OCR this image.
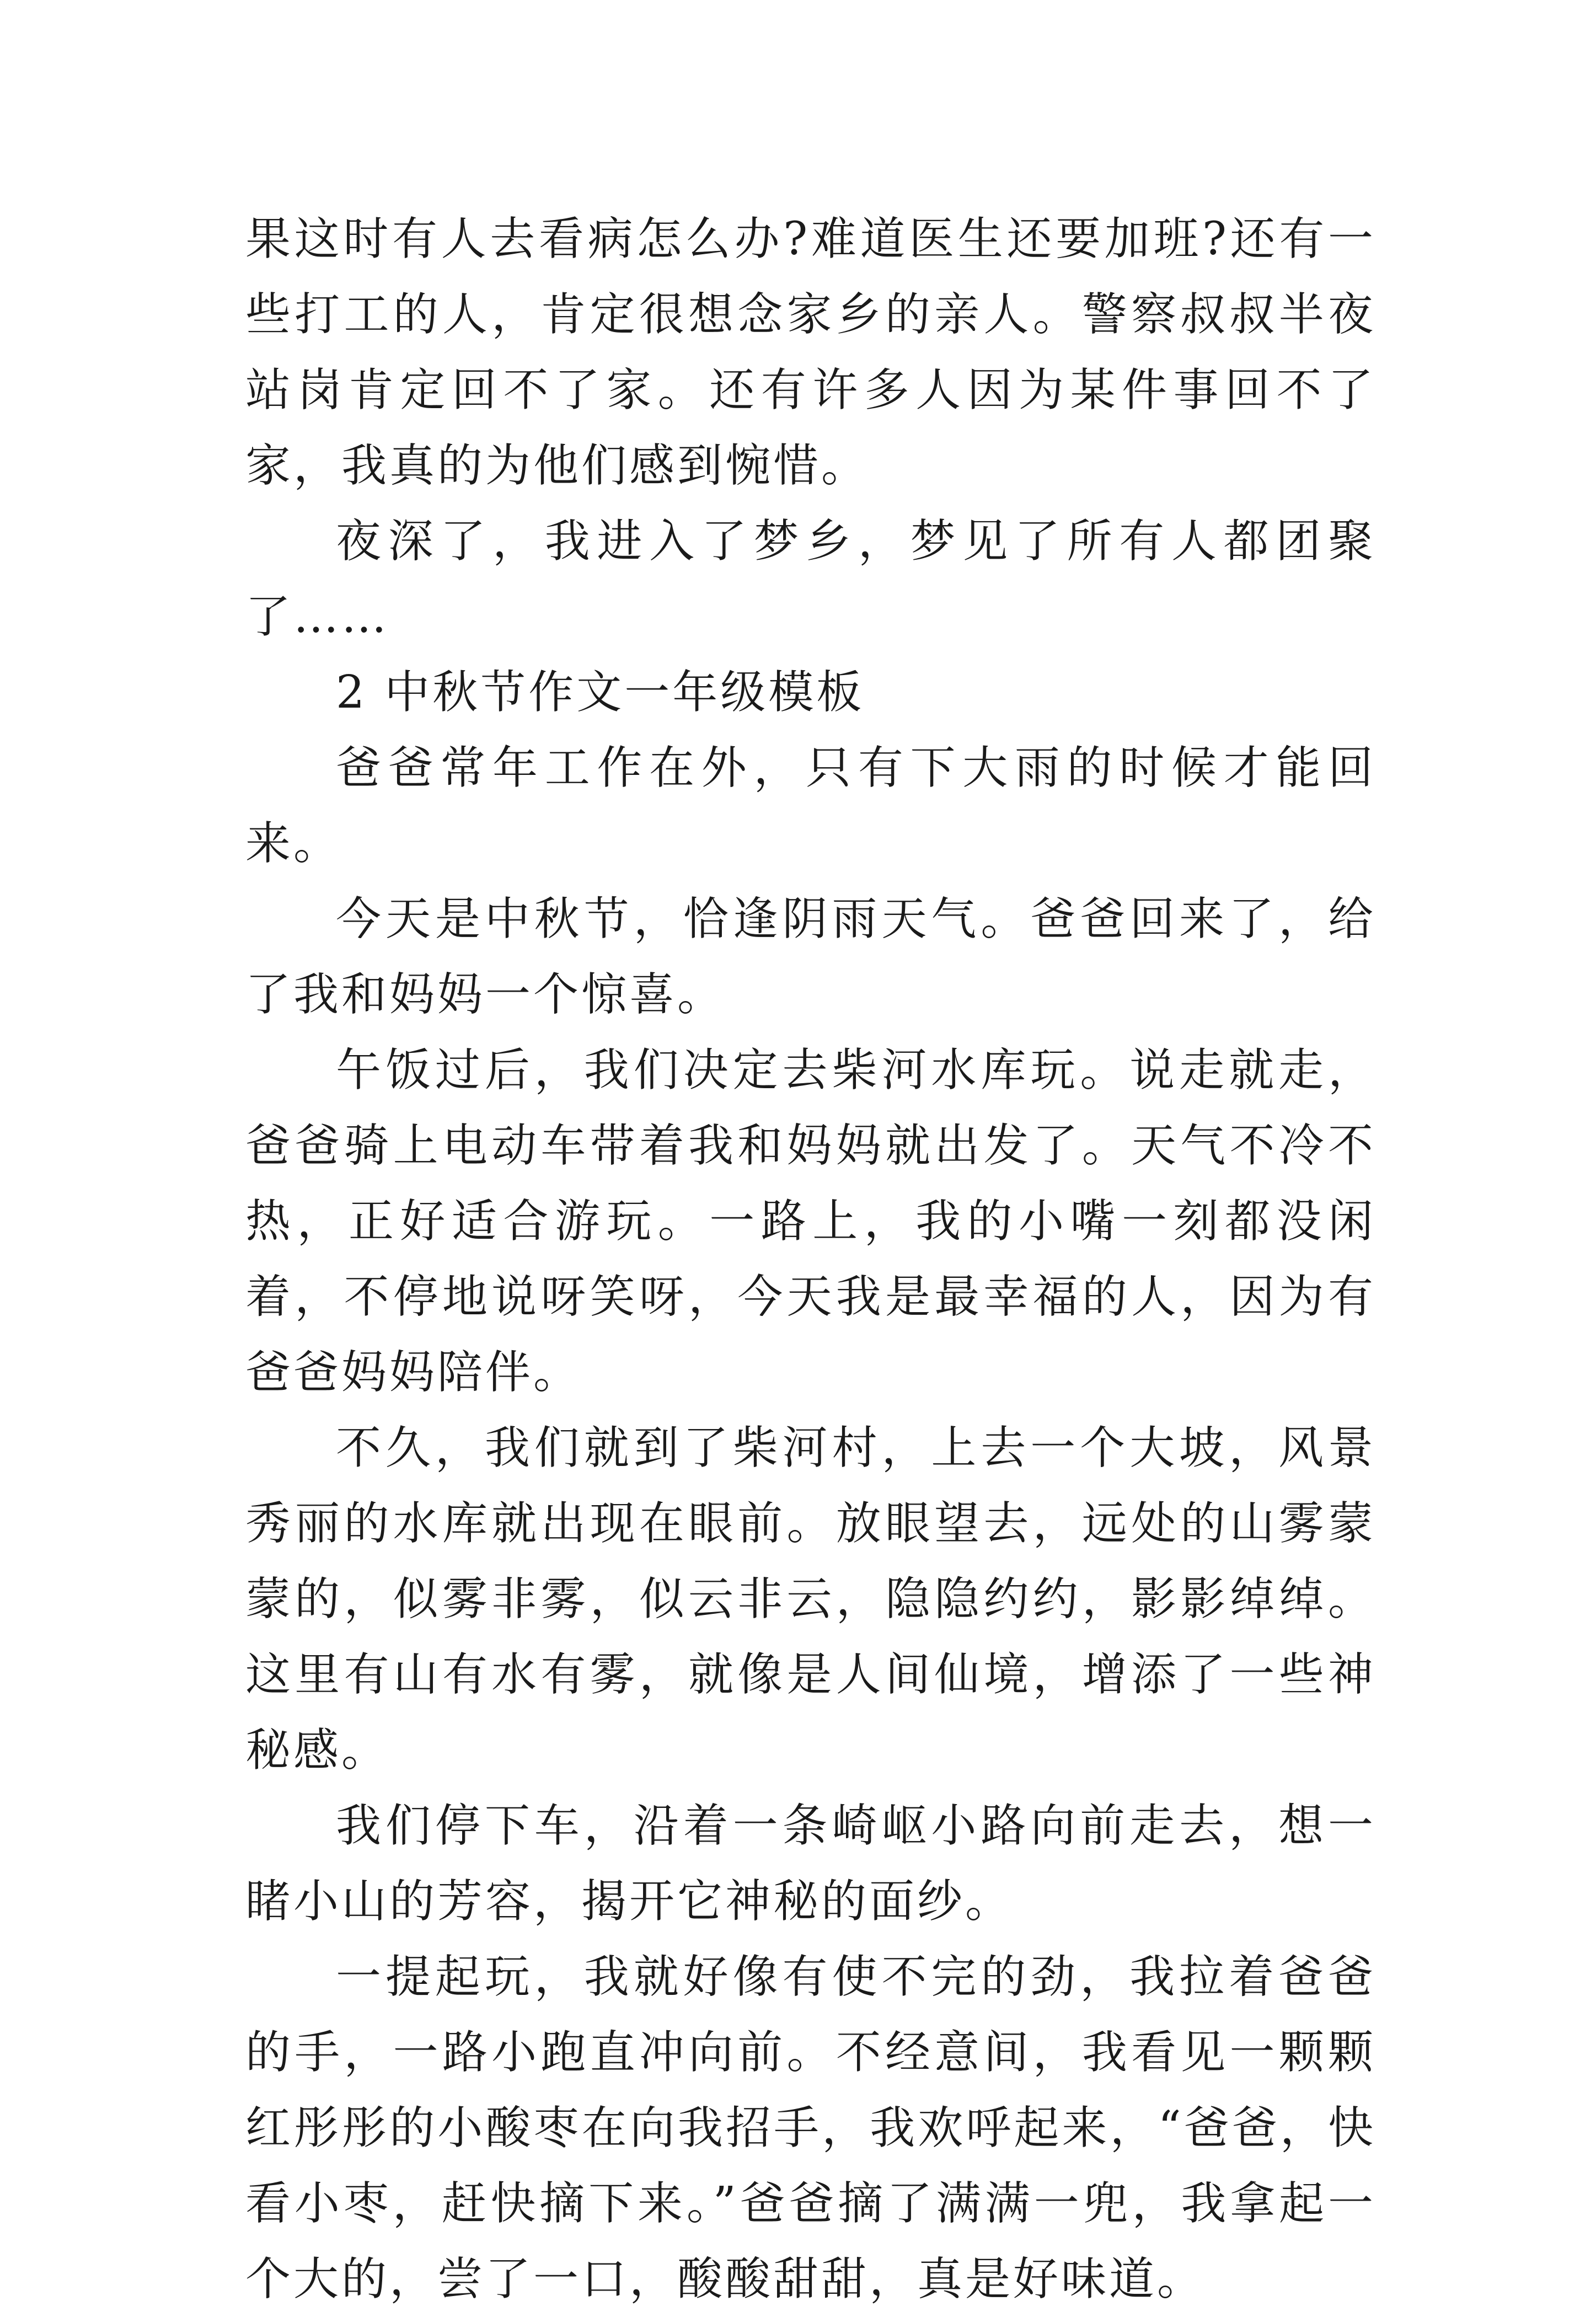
果这时有人去看病怎么办?难道医生还要加班?还有一些打工的人，肯定很想念家乡的亲人。警察叔叔半夜站岗肯定回不了家。还有许多人因为某件事回不了家，我真的为他们感到惋惜。

夜深了，我进入了梦乡，梦见了所有人都团聚了……

2 中秋节作文一年级模板

爸爸常年工作在外，只有下大雨的时候才能回来。

今天是中秋节，恰逢阴雨天气。爸爸回来了，给了我和妈妈一个惊喜。

午饭过后，我们决定去柴河水库玩。说走就走，爸爸骑上电动车带着我和妈妈就出发了。天气不冷不热，正好适合游玩。一路上，我的小嘴一刻都没闲着，不停地说呀笑呀，今天我是最幸福的人，因为有爸爸妈妈陪伴。

不久，我们就到了柴河村，上去一个大坡，风景秀丽的水库就出现在眼前。放眼望去，远处的山雾蒙蒙的，似雾非雾，似云非云，隐隐约约，影影绰绰。这里有山有水有雾，就像是人间仙境，增添了一些神秘感。

我们停下车，沿着一条崎岖小路向前走去，想一睹小山的芳容，揭开它神秘的面纱。

一提起玩，我就好像有使不完的劲，我拉着爸爸的手，一路小跑直冲向前。不经意间，我看见一颗颗红彤彤的小酸枣在向我招手，我欢呼起来，“爸爸，快看小枣，赶快摘下来。”爸爸摘了满满一兜，我拿起一个大的，尝了一口，酸酸甜甜，真是好味道。
